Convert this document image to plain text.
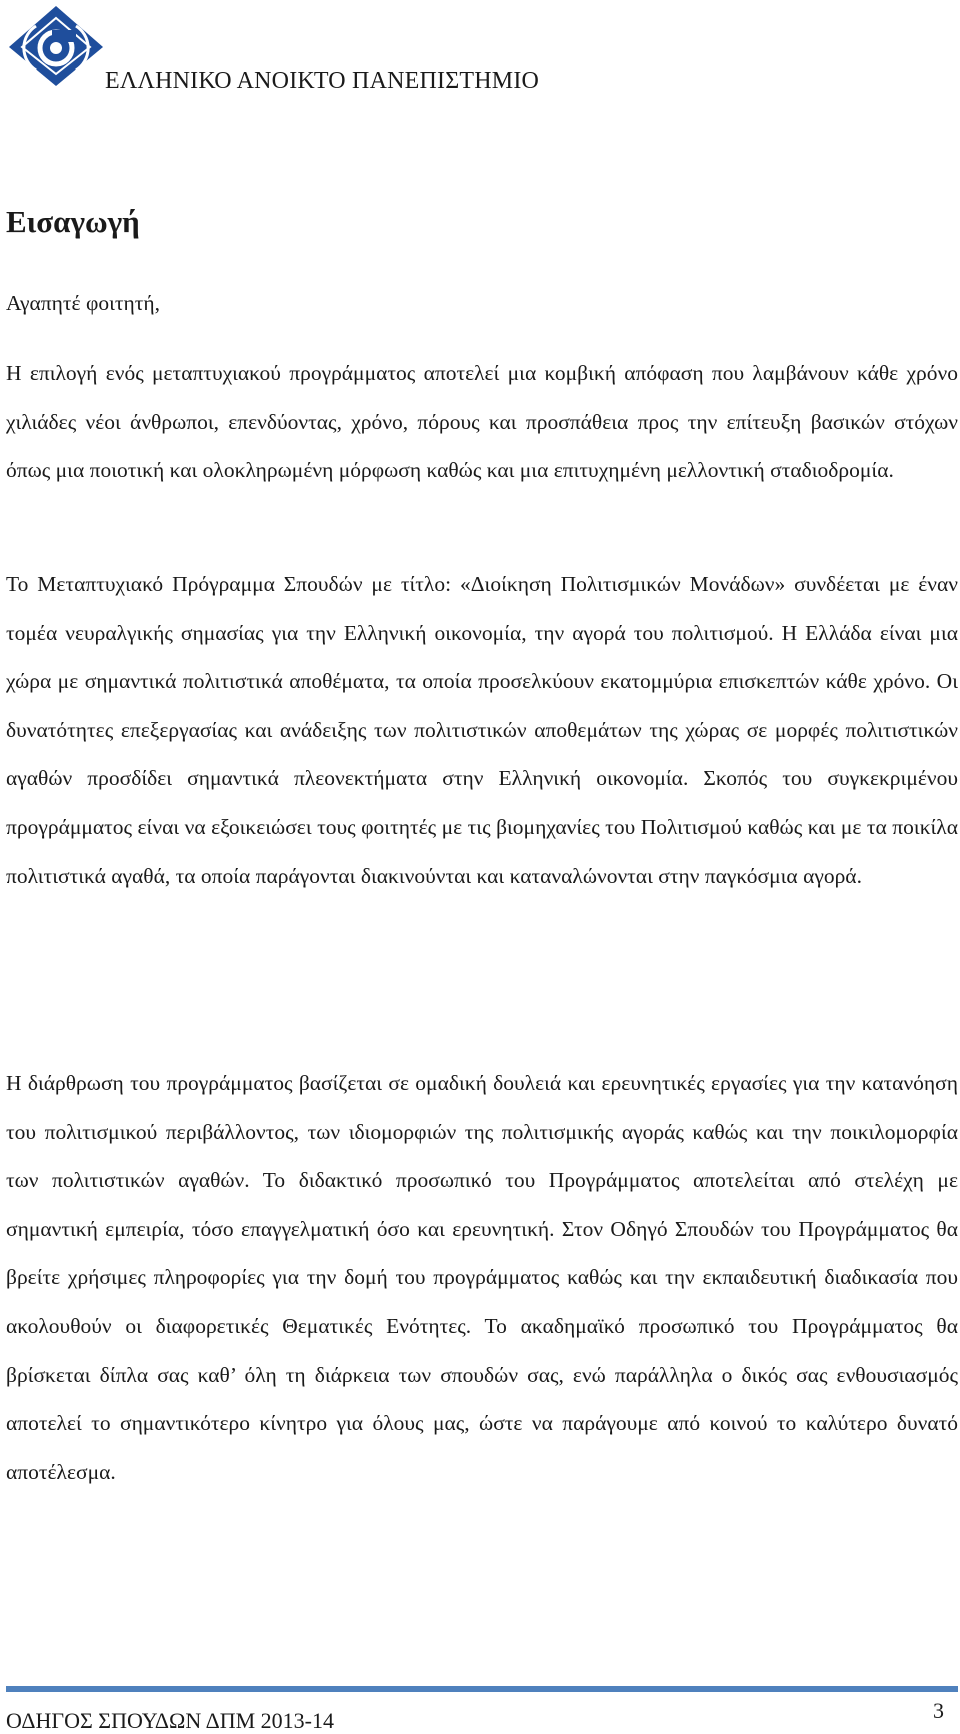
ΕΛΛΗΝΙΚΟ ΑΝΟΙΚΤΟ ΠΑΝΕΠΙΣΤΗΜΙΟ
Εισαγωγή
Αγαπητέ φοιτητή,
Η επιλογή ενός μεταπτυχιακού προγράμματος αποτελεί μια κομβική απόφαση που λαμβάνουν κάθε χρόνο χιλιάδες νέοι άνθρωποι, επενδύοντας, χρόνο, πόρους και προσπάθεια προς την επίτευξη βασικών στόχων όπως μια ποιοτική και ολοκληρωμένη μόρφωση καθώς και μια επιτυχημένη μελλοντική σταδιοδρομία.
Το Μεταπτυχιακό Πρόγραμμα Σπουδών με τίτλο: «Διοίκηση Πολιτισμικών Μονάδων» συνδέεται με έναν τομέα νευραλγικής σημασίας για την Ελληνική οικονομία, την αγορά του πολιτισμού. Η Ελλάδα είναι μια χώρα με σημαντικά πολιτιστικά αποθέματα, τα οποία προσελκύουν εκατομμύρια επισκεπτών κάθε χρόνο. Οι δυνατότητες επεξεργασίας και ανάδειξης των πολιτιστικών αποθεμάτων της χώρας σε μορφές πολιτιστικών αγαθών προσδίδει σημαντικά πλεονεκτήματα στην Ελληνική οικονομία. Σκοπός του συγκεκριμένου προγράμματος είναι να εξοικειώσει τους φοιτητές με τις βιομηχανίες του Πολιτισμού καθώς και με τα ποικίλα πολιτιστικά αγαθά, τα οποία παράγονται διακινούνται και καταναλώνονται στην παγκόσμια αγορά.
Η διάρθρωση του προγράμματος βασίζεται σε ομαδική δουλειά και ερευνητικές εργασίες για την κατανόηση του πολιτισμικού περιβάλλοντος, των ιδιομορφιών της πολιτισμικής αγοράς καθώς και την ποικιλομορφία των πολιτιστικών αγαθών. Το διδακτικό προσωπικό του Προγράμματος αποτελείται από στελέχη με σημαντική εμπειρία, τόσο επαγγελματική όσο και ερευνητική. Στον Οδηγό Σπουδών του Προγράμματος θα βρείτε χρήσιμες πληροφορίες για την δομή του προγράμματος καθώς και την εκπαιδευτική διαδικασία που ακολουθούν οι διαφορετικές Θεματικές Ενότητες. Το ακαδημαϊκό προσωπικό του Προγράμματος θα βρίσκεται δίπλα σας καθ’ όλη τη διάρκεια των σπουδών σας, ενώ παράλληλα ο δικός σας ενθουσιασμός αποτελεί το σημαντικότερο κίνητρο για όλους μας, ώστε να παράγουμε από κοινού το καλύτερο δυνατό αποτέλεσμα.
3
ΟΔΗΓΟΣ ΣΠΟΥΔΩΝ ΔΠΜ 2013-14
